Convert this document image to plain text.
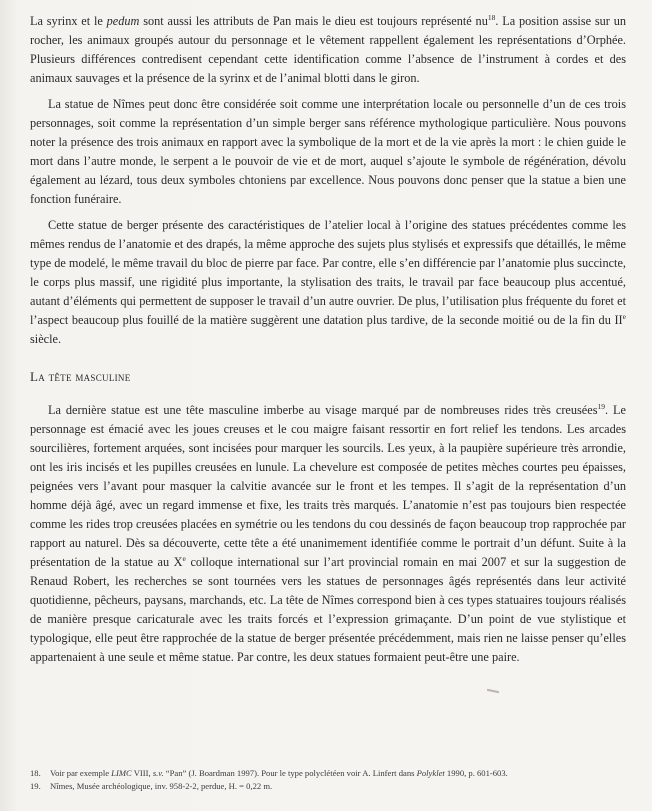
La syrinx et le pedum sont aussi les attributs de Pan mais le dieu est toujours représenté $nu^{18}$. La position assise sur un rocher, les animaux groupés autour du personnage et le vêtement rappellent également les représentations d’Orphée. Plusieurs différences contredisent cependant cette identification comme l’absence de l’instrument à cordes et des animaux sauvages et la présence de la syrinx et de l’animal blotti dans le giron.

La statue de Nîmes peut donc être considérée soit comme une interprétation locale ou personnelle d’un de ces trois personnages, soit comme la représentation d’un simple berger sans référence mythologique particulière. Nous pouvons noter la présence des trois animaux en rapport avec la symbolique de la mort et de la vie après la mort : le chien guide le mort dans l’autre monde, le serpent a le pouvoir de vie et de mort, auquel s’ajoute le symbole de régénération, dévolu également au lézard, tous deux symboles chtoniens par excellence. Nous pouvons donc penser que la statue a bien une fonction funéraire.

Cette statue de berger présente des caractéristiques de l’atelier local à l’origine des statues précédentes comme les mêmes rendus de l’anatomie et des drapés, la même approche des sujets plus stylisés et expressifs que détaillés, le même type de modelé, le même travail du bloc de pierre par face. Par contre, elle s’en différencie par l’anatomie plus succincte, le corps plus massif, une rigidité plus importante, la stylisation des traits, le travail par face beaucoup plus accentué, autant d’éléments qui permettent de supposer le travail d’un autre ouvrier. De plus, l’utilisation plus fréquente du foret et l’aspect beaucoup plus fouillé de la matière suggèrent une datation plus tardive, de la seconde moitié ou de la fin du IIe siècle.

La tête masculine

La dernière statue est une tête masculine imberbe au visage marqué par de nombreuses rides très creusées$^{19}$. Le personnage est émacié avec les joues creuses et le cou maigre faisant ressortir en fort relief les tendons. Les arcades sourcilières, fortement arquées, sont incisées pour marquer les sourcils. Les yeux, à la paupière supérieure très arrondie, ont les iris incisés et les pupilles creusées en lunule. La chevelure est composée de petites mèches courtes peu épaisses, peignées vers l’avant pour masquer la calvitie avancée sur le front et les tempes. Il s’agit de la représentation d’un homme déjà âgé, avec un regard immense et fixe, les traits très marqués. L’anatomie n’est pas toujours bien respectée comme les rides trop creusées placées en symétrie ou les tendons du cou dessinés de façon beaucoup trop rapprochée par rapport au naturel. Dès sa découverte, cette tête a été unanimement identifiée comme le portrait d’un défunt. Suite à la présentation de la statue au Xe colloque international sur l’art provincial romain en mai 2007 et sur la suggestion de Renaud Robert, les recherches se sont tournées vers les statues de personnages âgés représentés dans leur activité quotidienne, pêcheurs, paysans, marchands, etc. La tête de Nîmes correspond bien à ces types statuaires toujours réalisés de manière presque caricaturale avec les traits forcés et l’expression grimaçante. D’un point de vue stylistique et typologique, elle peut être rapprochée de la statue de berger présentée précédemment, mais rien ne laisse penser qu’elles appartenaient à une seule et même statue. Par contre, les deux statues formaient peut-être une paire.

18.	Voir par exemple LIMC VIII, s.v. “Pan” (J. Boardman 1997). Pour le type polyclétéen voir A. Linfert dans Polyklet 1990, p. 601-603.
19.	Nîmes, Musée archéologique, inv. 958-2-2, perdue, H. = 0,22 m.
